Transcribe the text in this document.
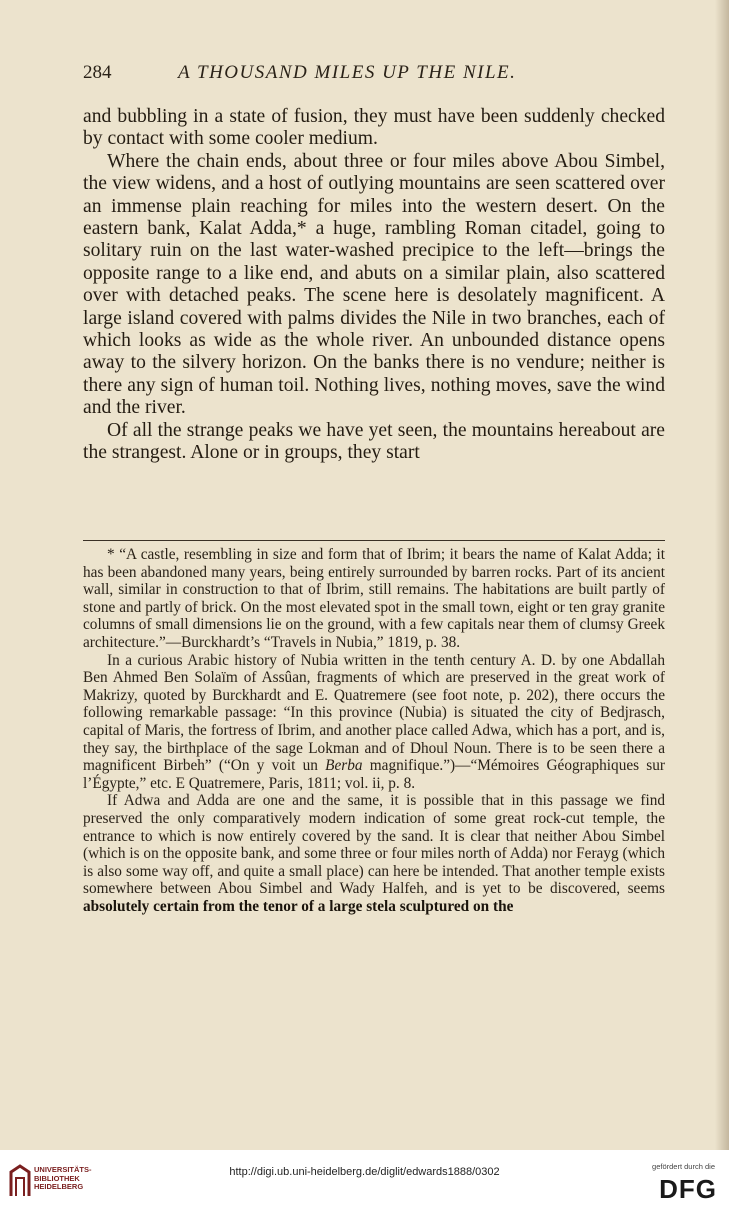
284	A THOUSAND MILES UP THE NILE.

and bubbling in a state of fusion, they must have been suddenly checked by contact with some cooler medium.

Where the chain ends, about three or four miles above Abou Simbel, the view widens, and a host of outlying mountains are seen scattered over an immense plain reaching for miles into the western desert. On the eastern bank, Kalat Adda,* a huge, rambling Roman citadel, going to solitary ruin on the last water-washed precipice to the left—brings the opposite range to a like end, and abuts on a similar plain, also scattered over with detached peaks. The scene here is desolately magnificent. A large island covered with palms divides the Nile in two branches, each of which looks as wide as the whole river. An unbounded distance opens away to the silvery horizon. On the banks there is no vendure; neither is there any sign of human toil. Nothing lives, nothing moves, save the wind and the river.

Of all the strange peaks we have yet seen, the mountains hereabout are the strangest. Alone or in groups, they start

* “A castle, resembling in size and form that of Ibrim; it bears the name of Kalat Adda; it has been abandoned many years, being entirely surrounded by barren rocks. Part of its ancient wall, similar in construction to that of Ibrim, still remains. The habitations are built partly of stone and partly of brick. On the most elevated spot in the small town, eight or ten gray granite columns of small dimensions lie on the ground, with a few capitals near them of clumsy Greek architecture.”—Burckhardt’s “Travels in Nubia,” 1819, p. 38.

In a curious Arabic history of Nubia written in the tenth century A. D. by one Abdallah Ben Ahmed Ben Solaïm of Assûan, fragments of which are preserved in the great work of Makrizy, quoted by Burckhardt and E. Quatremere (see foot note, p. 202), there occurs the following remarkable passage: “In this province (Nubia) is situated the city of Bedjrasch, capital of Maris, the fortress of Ibrim, and another place called Adwa, which has a port, and is, they say, the birthplace of the sage Lokman and of Dhoul Noun. There is to be seen there a magnificent Birbeh” (“On y voit un Berba magnifique.”)—“Mémoires Géographiques sur l’Égypte,” etc. E Quatremere, Paris, 1811; vol. ii, p. 8.

If Adwa and Adda are one and the same, it is possible that in this passage we find preserved the only comparatively modern indication of some great rock-cut temple, the entrance to which is now entirely covered by the sand. It is clear that neither Abou Simbel (which is on the opposite bank, and some three or four miles north of Adda) nor Ferayg (which is also some way off, and quite a small place) can here be intended. That another temple exists somewhere between Abou Simbel and Wady Halfeh, and is yet to be discovered, seems absolutely certain from the tenor of a large stela sculptured on the

UNIVERSITÄTS-
BIBLIOTHEK
HEIDELBERG
http://digi.ub.uni-heidelberg.de/diglit/edwards1888/0302	gefördert durch die
DFG
